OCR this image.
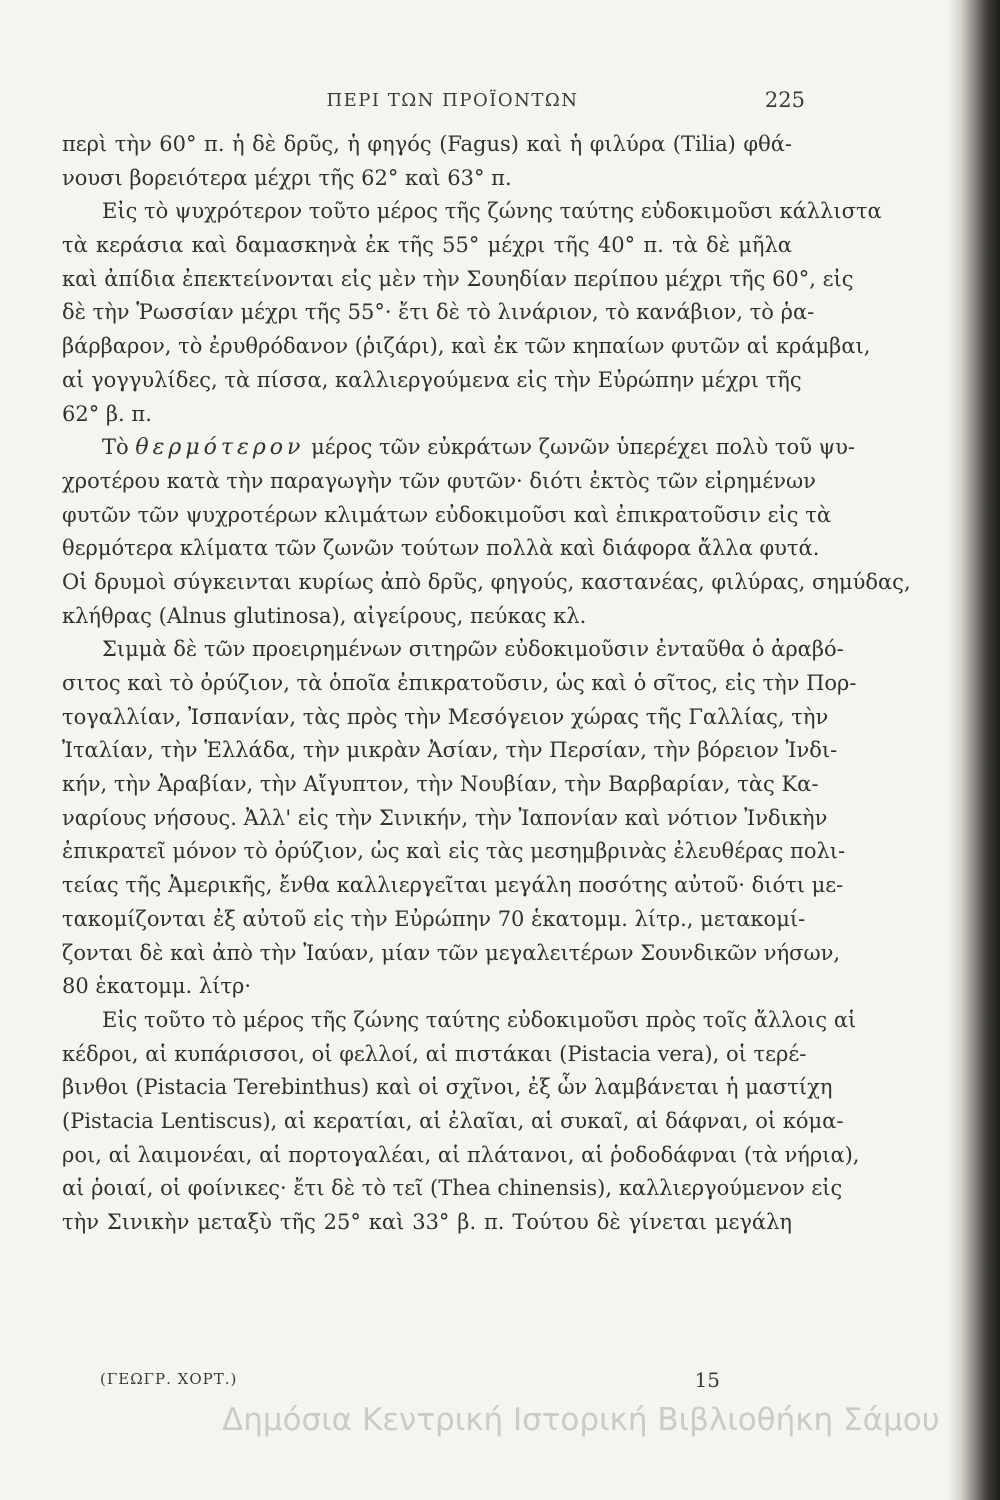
ΠΕΡΙ ΤΩΝ ΠΡΟΪΟΝΤΩΝ	225
περὶ τὴν 60° π. ἡ δὲ δρῦς, ἡ φηγός (Fagus) καὶ ἡ φιλύρα (Tilia) φθά-
νουσι βορειότερα μέχρι τῆς 62° καὶ 63° π.
Εἰς τὸ ψυχρότερον τοῦτο μέρος τῆς ζώνης ταύτης εὐδοκιμοῦσι κάλλιστα
τὰ κεράσια καὶ δαμασκηνὰ ἐκ τῆς 55° μέχρι τῆς 40° π. τὰ δὲ μῆλα
καὶ ἀπίδια ἐπεκτείνονται εἰς μὲν τὴν Σουηδίαν περίπου μέχρι τῆς 60°, εἰς
δὲ τὴν Ῥωσσίαν μέχρι τῆς 55°· ἔτι δὲ τὸ λινάριον, τὸ κανάβιον, τὸ ῥα-
βάρβαρον, τὸ ἐρυθρόδανον (ῥιζάρι), καὶ ἐκ τῶν κηπαίων φυτῶν αἱ κράμβαι,
αἱ γογγυλίδες, τὰ πίσσα, καλλιεργούμενα εἰς τὴν Εὐρώπην μέχρι τῆς
62° β. π.
Τὸ θερμότερον μέρος τῶν εὐκράτων ζωνῶν ὑπερέχει πολὺ τοῦ ψυ-
χροτέρου κατὰ τὴν παραγωγὴν τῶν φυτῶν· διότι ἐκτὸς τῶν εἰρημένων
φυτῶν τῶν ψυχροτέρων κλιμάτων εὐδοκιμοῦσι καὶ ἐπικρατοῦσιν εἰς τὰ
θερμότερα κλίματα τῶν ζωνῶν τούτων πολλὰ καὶ διάφορα ἄλλα φυτά.
Οἱ δρυμοὶ σύγκεινται κυρίως ἀπὸ δρῦς, φηγούς, καστανέας, φιλύρας, σημύδας,
κλήθρας (Alnus glutinosa), αἰγείρους, πεύκας κλ.
Σιμμὰ δὲ τῶν προειρημένων σιτηρῶν εὐδοκιμοῦσιν ἐνταῦθα ὁ ἀραβό-
σιτος καὶ τὸ ὀρύζιον, τὰ ὁποῖα ἐπικρατοῦσιν, ὡς καὶ ὁ σῖτος, εἰς τὴν Πορ-
τογαλλίαν, Ἰσπανίαν, τὰς πρὸς τὴν Μεσόγειον χώρας τῆς Γαλλίας, τὴν
Ἰταλίαν, τὴν Ἑλλάδα, τὴν μικρὰν Ἀσίαν, τὴν Περσίαν, τὴν βόρειον Ἰνδι-
κήν, τὴν Ἀραβίαν, τὴν Αἴγυπτον, τὴν Νουβίαν, τὴν Βαρβαρίαν, τὰς Κα-
ναρίους νήσους. Ἀλλ' εἰς τὴν Σινικήν, τὴν Ἰαπονίαν καὶ νότιον Ἰνδικὴν
ἐπικρατεῖ μόνον τὸ ὀρύζιον, ὡς καὶ εἰς τὰς μεσημβρινὰς ἐλευθέρας πολι-
τείας τῆς Ἀμερικῆς, ἔνθα καλλιεργεῖται μεγάλη ποσότης αὐτοῦ· διότι με-
τακομίζονται ἐξ αὐτοῦ εἰς τὴν Εὐρώπην 70 ἑκατομμ. λίτρ., μετακομί-
ζονται δὲ καὶ ἀπὸ τὴν Ἰαύαν, μίαν τῶν μεγαλειτέρων Σουνδικῶν νήσων,
80 ἑκατομμ. λίτρ·
Εἰς τοῦτο τὸ μέρος τῆς ζώνης ταύτης εὐδοκιμοῦσι πρὸς τοῖς ἄλλοις αἱ
κέδροι, αἱ κυπάρισσοι, οἱ φελλοί, αἱ πιστάκαι (Pistacia vera), οἱ τερέ-
βινθοι (Pistacia Terebinthus) καὶ οἱ σχῖνοι, ἐξ ὧν λαμβάνεται ἡ μαστίχη
(Pistacia Lentiscus), αἱ κερατίαι, αἱ ἐλαῖαι, αἱ συκαῖ, αἱ δάφναι, οἱ κόμα-
ροι, αἱ λαιμονέαι, αἱ πορτογαλέαι, αἱ πλάτανοι, αἱ ῥοδοδάφναι (τὰ νήρια),
αἱ ῥοιαί, οἱ φοίνικες· ἔτι δὲ τὸ τεῖ (Thea chinensis), καλλιεργούμενον εἰς
τὴν Σινικὴν μεταξὺ τῆς 25° καὶ 33° β. π. Τούτου δὲ γίνεται μεγάλη
(ΓΕΩΓΡ. ΧΟΡΤ.)	15
Δημόσια Κεντρική Ιστορική Βιβλιοθήκη Σάμου
